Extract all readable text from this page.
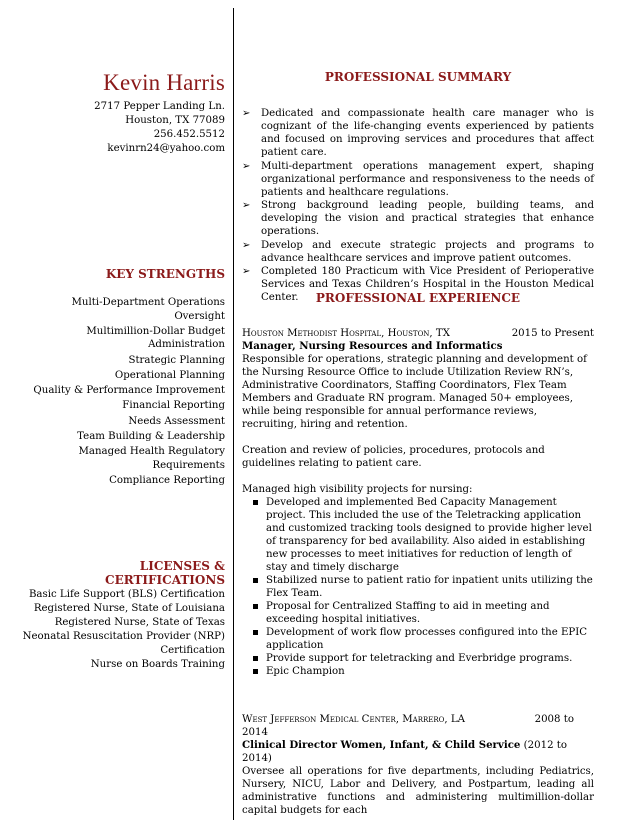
Kevin Harris
2717 Pepper Landing Ln.
Houston, TX 77089
256.452.5512
kevinrn24@yahoo.com
KEY STRENGTHS
Multi-Department Operations Oversight
Multimillion-Dollar Budget Administration
Strategic Planning
Operational Planning
Quality & Performance Improvement
Financial Reporting
Needs Assessment
Team Building & Leadership
Managed Health Regulatory Requirements
Compliance Reporting
LICENSES & CERTIFICATIONS
Basic Life Support (BLS) Certification
Registered Nurse, State of Louisiana
Registered Nurse, State of Texas
Neonatal Resuscitation Provider (NRP) Certification
Nurse on Boards Training
PROFESSIONAL SUMMARY
➢ Dedicated and compassionate health care manager who is cognizant of the life-changing events experienced by patients and focused on improving services and procedures that affect patient care.
➢ Multi-department operations management expert, shaping organizational performance and responsiveness to the needs of patients and healthcare regulations.
➢ Strong background leading people, building teams, and developing the vision and practical strategies that enhance operations.
➢ Develop and execute strategic projects and programs to advance healthcare services and improve patient outcomes.
➢ Completed 180 Practicum with Vice President of Perioperative Services and Texas Children’s Hospital in the Houston Medical Center.	PROFESSIONAL EXPERIENCE
Houston Methodist Hospital, Houston, TX	2015 to Present
Manager, Nursing Resources and Informatics

Responsible for operations, strategic planning and development of the Nursing Resource Office to include Utilization Review RN’s, Administrative Coordinators, Staffing Coordinators, Flex Team Members and Graduate RN program. Managed 50+ employees, while being responsible for annual performance reviews, recruiting, hiring and retention.

Creation and review of policies, procedures, protocols and guidelines relating to patient care.

Managed high visibility projects for nursing:

Developed and implemented Bed Capacity Management project. This included the use of the Teletracking application and customized tracking tools designed to provide higher level of transparency for bed availability. Also aided in establishing new processes to meet initiatives for reduction of length of stay and timely discharge
Stabilized nurse to patient ratio for inpatient units utilizing the Flex Team.
Proposal for Centralized Staffing to aid in meeting and exceeding hospital initiatives.
Development of work flow processes configured into the EPIC application
Provide support for teletracking and Everbridge programs.
Epic Champion
West Jefferson Medical Center, Marrero, LA	2008 to
2014
Clinical Director Women, Infant, & Child Service (2012 to 2014)

Oversee all operations for five departments, including Pediatrics, Nursery, NICU, Labor and Delivery, and Postpartum, leading all administrative functions and administering multimillion-dollar capital budgets for each
